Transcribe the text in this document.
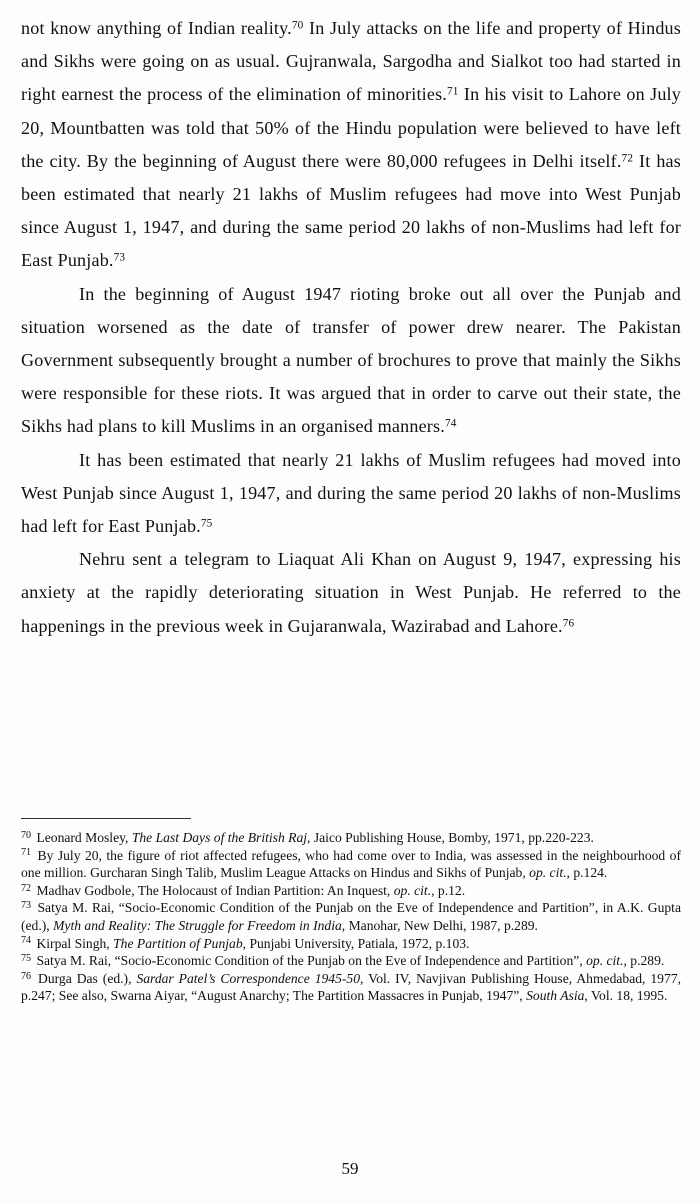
not know anything of Indian reality.$^{70}$ In July attacks on the life and property of Hindus and Sikhs were going on as usual. Gujranwala, Sargodha and Sialkot too had started in right earnest the process of the elimination of minorities.$^{71}$ In his visit to Lahore on July 20, Mountbatten was told that 50% of the Hindu population were believed to have left the city. By the beginning of August there were 80,000 refugees in Delhi itself.$^{72}$ It has been estimated that nearly 21 lakhs of Muslim refugees had move into West Punjab since August 1, 1947, and during the same period 20 lakhs of non-Muslims had left for East Punjab.$^{73}$

In the beginning of August 1947 rioting broke out all over the Punjab and situation worsened as the date of transfer of power drew nearer. The Pakistan Government subsequently brought a number of brochures to prove that mainly the Sikhs were responsible for these riots. It was argued that in order to carve out their state, the Sikhs had plans to kill Muslims in an organised manners.$^{74}$

It has been estimated that nearly 21 lakhs of Muslim refugees had moved into West Punjab since August 1, 1947, and during the same period 20 lakhs of non-Muslims had left for East Punjab.$^{75}$

Nehru sent a telegram to Liaquat Ali Khan on August 9, 1947, expressing his anxiety at the rapidly deteriorating situation in West Punjab. He referred to the happenings in the previous week in Gujaranwala, Wazirabad and Lahore.$^{76}$

$^{70}$ Leonard Mosley, The Last Days of the British Raj, Jaico Publishing House, Bomby, 1971, pp.220-223.

$^{71}$ By July 20, the figure of riot affected refugees, who had come over to India, was assessed in the neighbourhood of one million. Gurcharan Singh Talib, Muslim League Attacks on Hindus and Sikhs of Punjab, op. cit., p.124.

$^{72}$ Madhav Godbole, The Holocaust of Indian Partition: An Inquest, op. cit., p.12.

$^{73}$ Satya M. Rai, “Socio-Economic Condition of the Punjab on the Eve of Independence and Partition”, in A.K. Gupta (ed.), Myth and Reality: The Struggle for Freedom in India, Manohar, New Delhi, 1987, p.289.

$^{74}$ Kirpal Singh, The Partition of Punjab, Punjabi University, Patiala, 1972, p.103.

$^{75}$ Satya M. Rai, “Socio-Economic Condition of the Punjab on the Eve of Independence and Partition”, op. cit., p.289.

$^{76}$ Durga Das (ed.), Sardar Patel’s Correspondence 1945-50, Vol. IV, Navjivan Publishing House, Ahmedabad, 1977, p.247; See also, Swarna Aiyar, “August Anarchy; The Partition Massacres in Punjab, 1947”, South Asia, Vol. 18, 1995.

59
